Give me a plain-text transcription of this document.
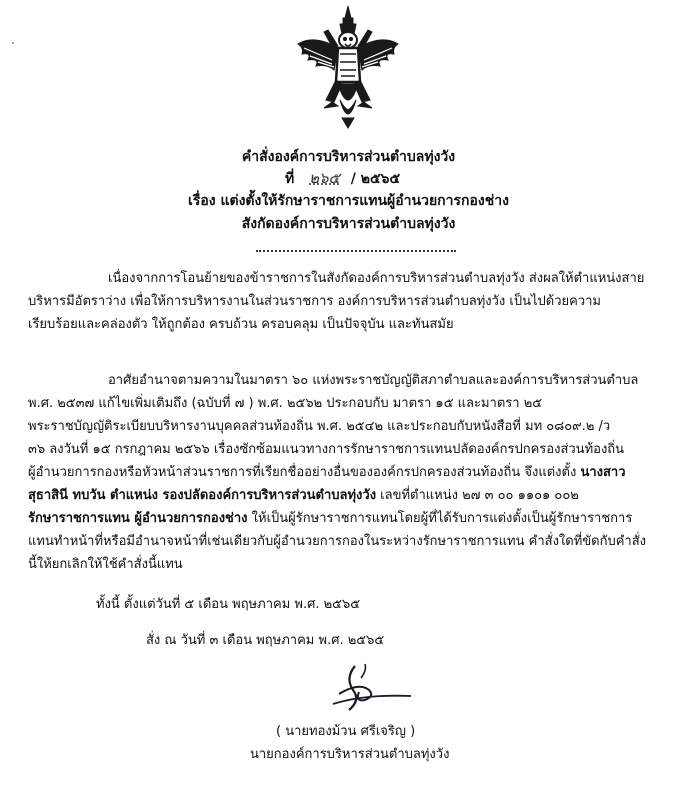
คำสั่งองค์การบริหารส่วนตำบลทุ่งวัง
ที่ ๒๖๕ / ๒๕๖๕
เรื่อง แต่งตั้งให้รักษาราชการแทนผู้อำนวยการกองช่าง
สังกัดองค์การบริหารส่วนตำบลทุ่งวัง
เนื่องจากการโอนย้ายของข้าราชการในสังกัดองค์การบริหารส่วนตำบลทุ่งวัง ส่งผลให้ตำแหน่งสาย
บริหารมีอัตราว่าง เพื่อให้การบริหารงานในส่วนราชการ องค์การบริหารส่วนตำบลทุ่งวัง เป็นไปด้วยความ
เรียบร้อยและคล่องตัว ให้ถูกต้อง ครบถ้วน ครอบคลุม เป็นปัจจุบัน และทันสมัย
อาศัยอำนาจตามความในมาตรา ๖๐ แห่งพระราชบัญญัติสภาตำบลและองค์การบริหารส่วนตำบล
พ.ศ. ๒๕๓๗ แก้ไขเพิ่มเติมถึง (ฉบับที่ ๗ ) พ.ศ. ๒๕๖๒ ประกอบกับ มาตรา ๑๕ และมาตรา ๒๕
พระราชบัญญัติระเบียบบริหารงานบุคคลส่วนท้องถิ่น พ.ศ. ๒๕๔๒ และประกอบกับหนังสือที่ มท ๐๘๐๙.๒ /ว
๓๖ ลงวันที่ ๑๕ กรกฎาคม ๒๕๖๖ เรื่องซักซ้อมแนวทางการรักษาราชการแทนปลัดองค์กรปกครองส่วนท้องถิ่น
ผู้อำนวยการกองหรือหัวหน้าส่วนราชการที่เรียกชื่ออย่างอื่นขององค์กรปกครองส่วนท้องถิ่น จึงแต่งตั้ง นางสาว
สุธาสินี ทบวัน ตำแหน่ง รองปลัดองค์การบริหารส่วนตำบลทุ่งวัง เลขที่ตำแหน่ง ๒๗ ๓ ๐๐ ๑๑๐๑ ๐๐๒
รักษาราชการแทน ผู้อำนวยการกองช่าง ให้เป็นผู้รักษาราชการแทนโดยผู้ที่ได้รับการแต่งตั้งเป็นผู้รักษาราชการ
แทนทำหน้าที่หรือมีอำนาจหน้าที่เช่นเดียวกับผู้อำนวยการกองในระหว่างรักษาราชการแทน คำสั่งใดที่ขัดกับคำสั่ง
นี้ให้ยกเลิกให้ใช้คำสั่งนี้แทน
ทั้งนี้ ตั้งแต่วันที่ ๕ เดือน พฤษภาคม พ.ศ. ๒๕๖๕
สั่ง ณ วันที่ ๓ เดือน พฤษภาคม พ.ศ. ๒๕๖๕
( นายทองม้วน ศรีเจริญ )
นายกองค์การบริหารส่วนตำบลทุ่งวัง
